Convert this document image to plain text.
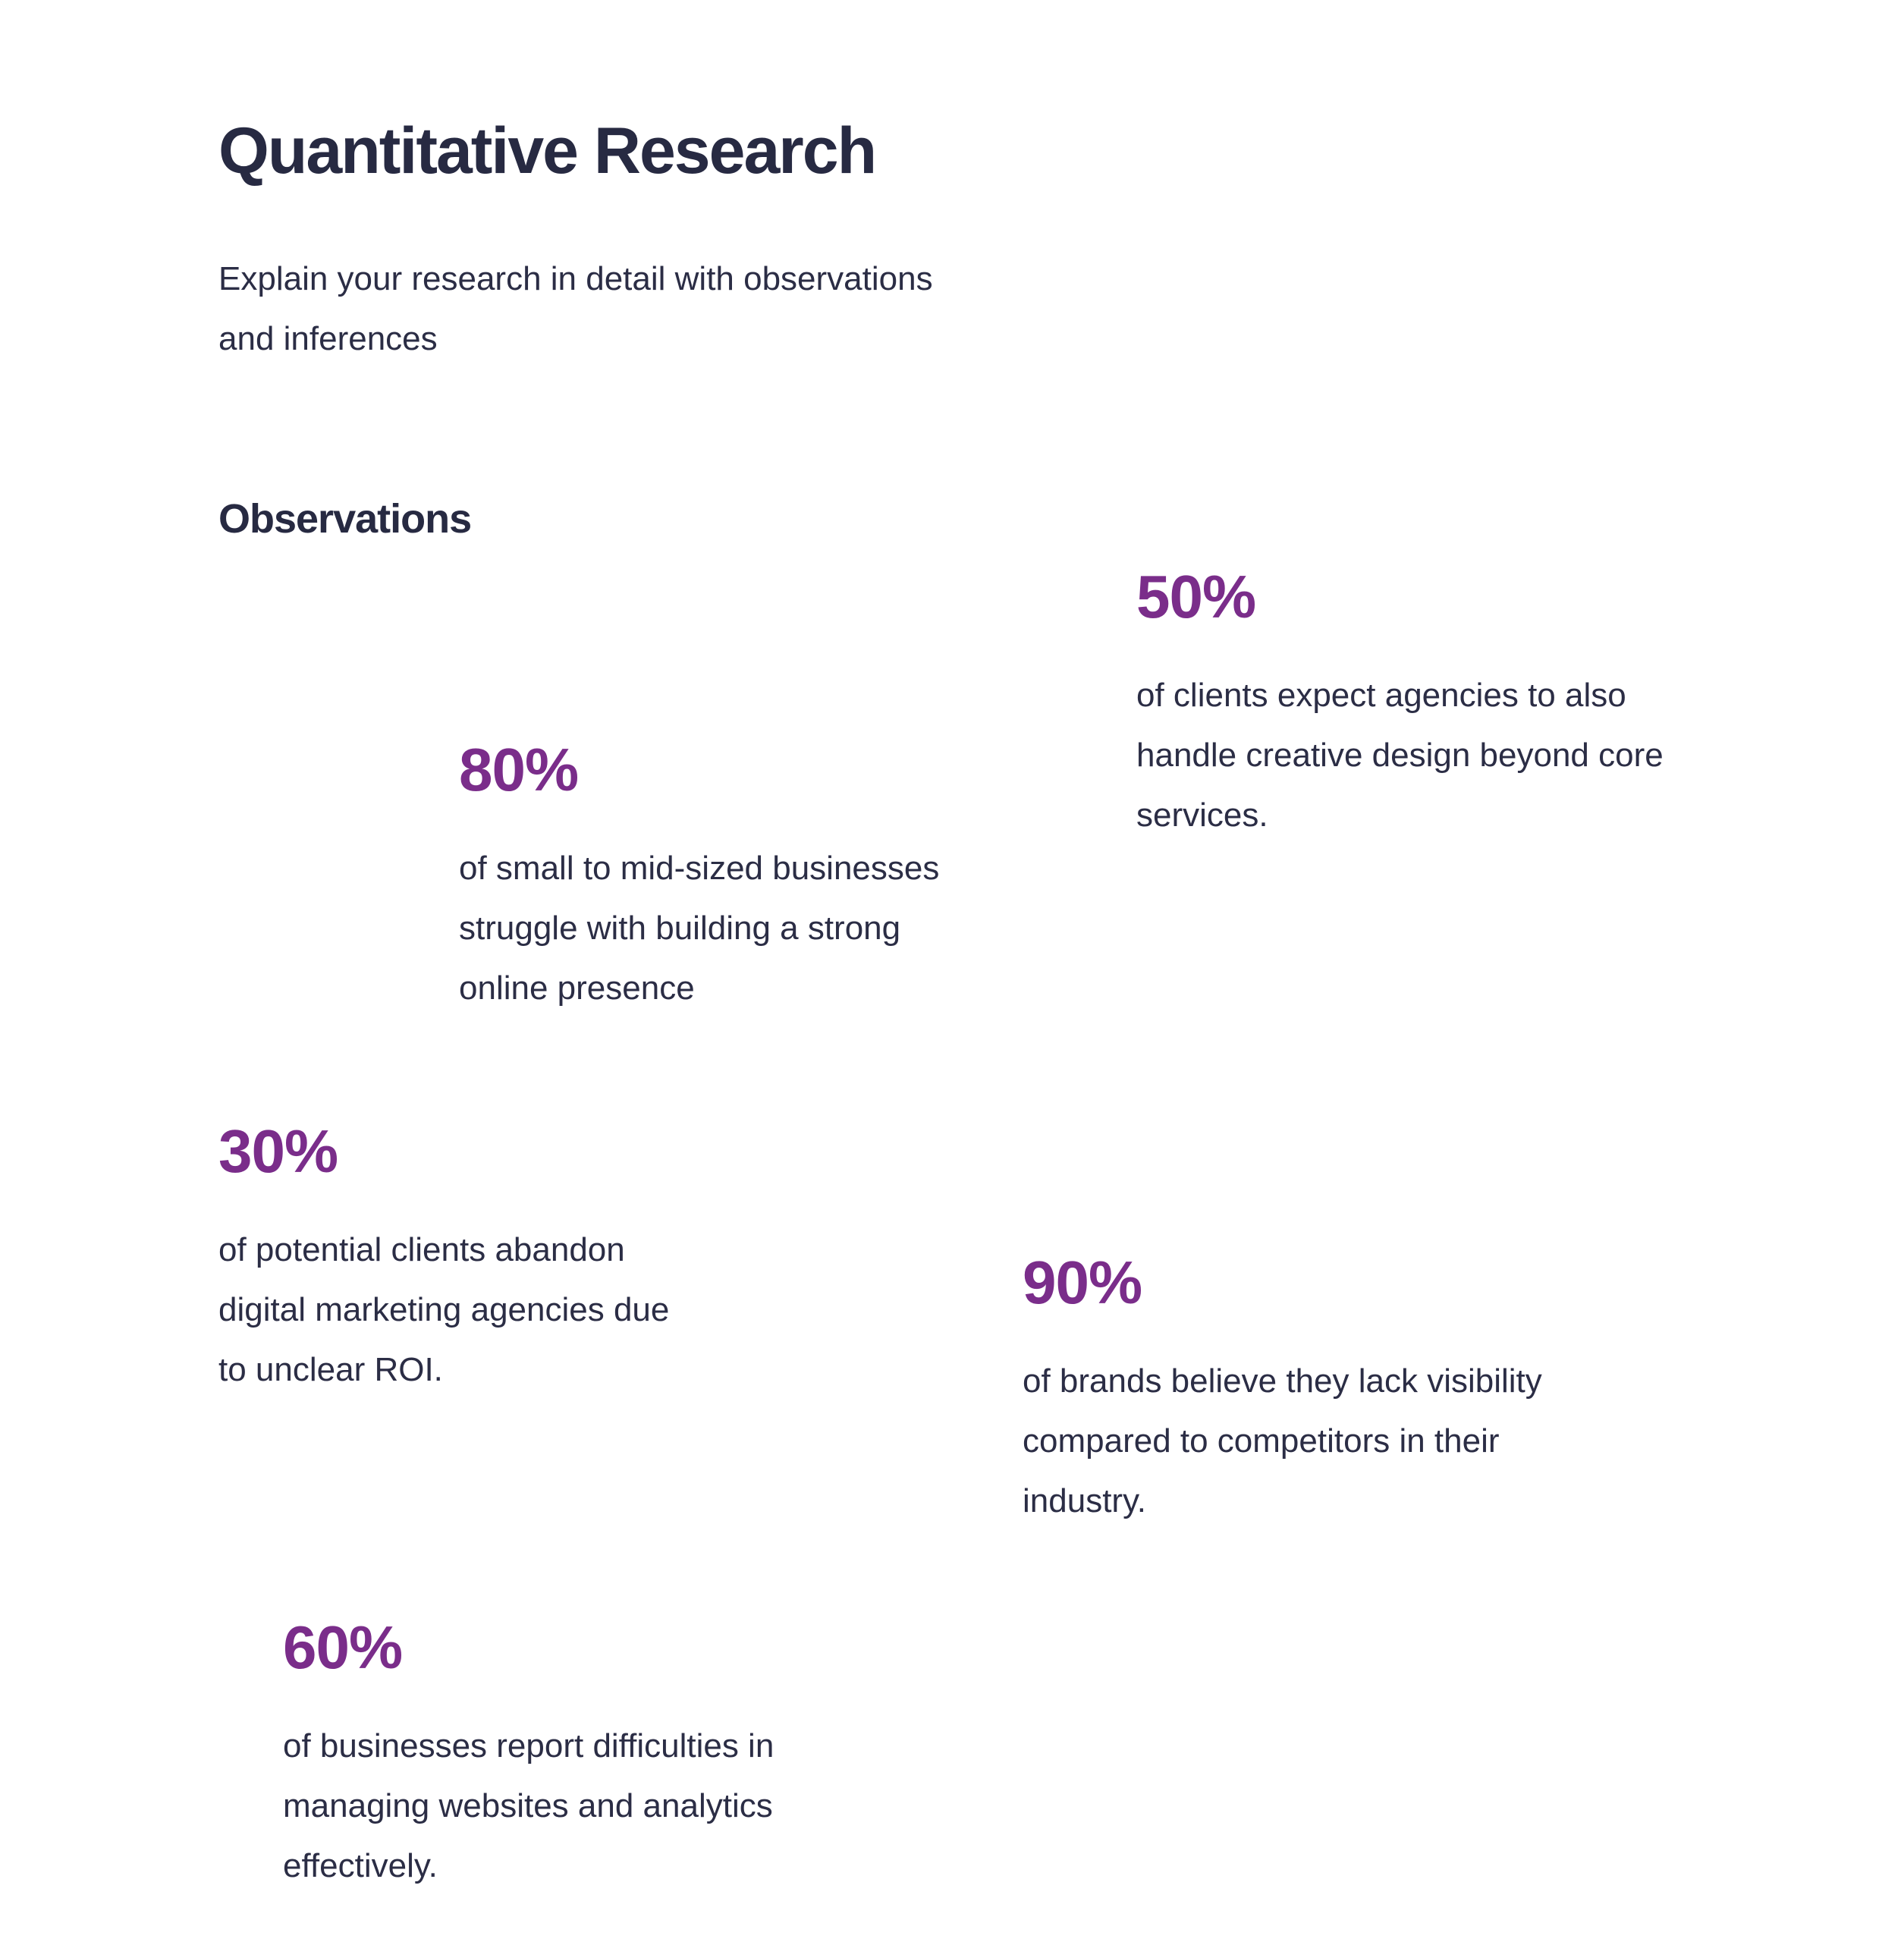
Quantitative Research

Explain your research in detail with observations
and inferences

Observations
50%
of clients expect agencies to also
handle creative design beyond core
services.
80%
of small to mid-sized businesses
struggle with building a strong
online presence
30%
of potential clients abandon
digital marketing agencies due
to unclear ROI.
90%
of brands believe they lack visibility
compared to competitors in their
industry.
60%
of businesses report difficulties in
managing websites and analytics
effectively.
